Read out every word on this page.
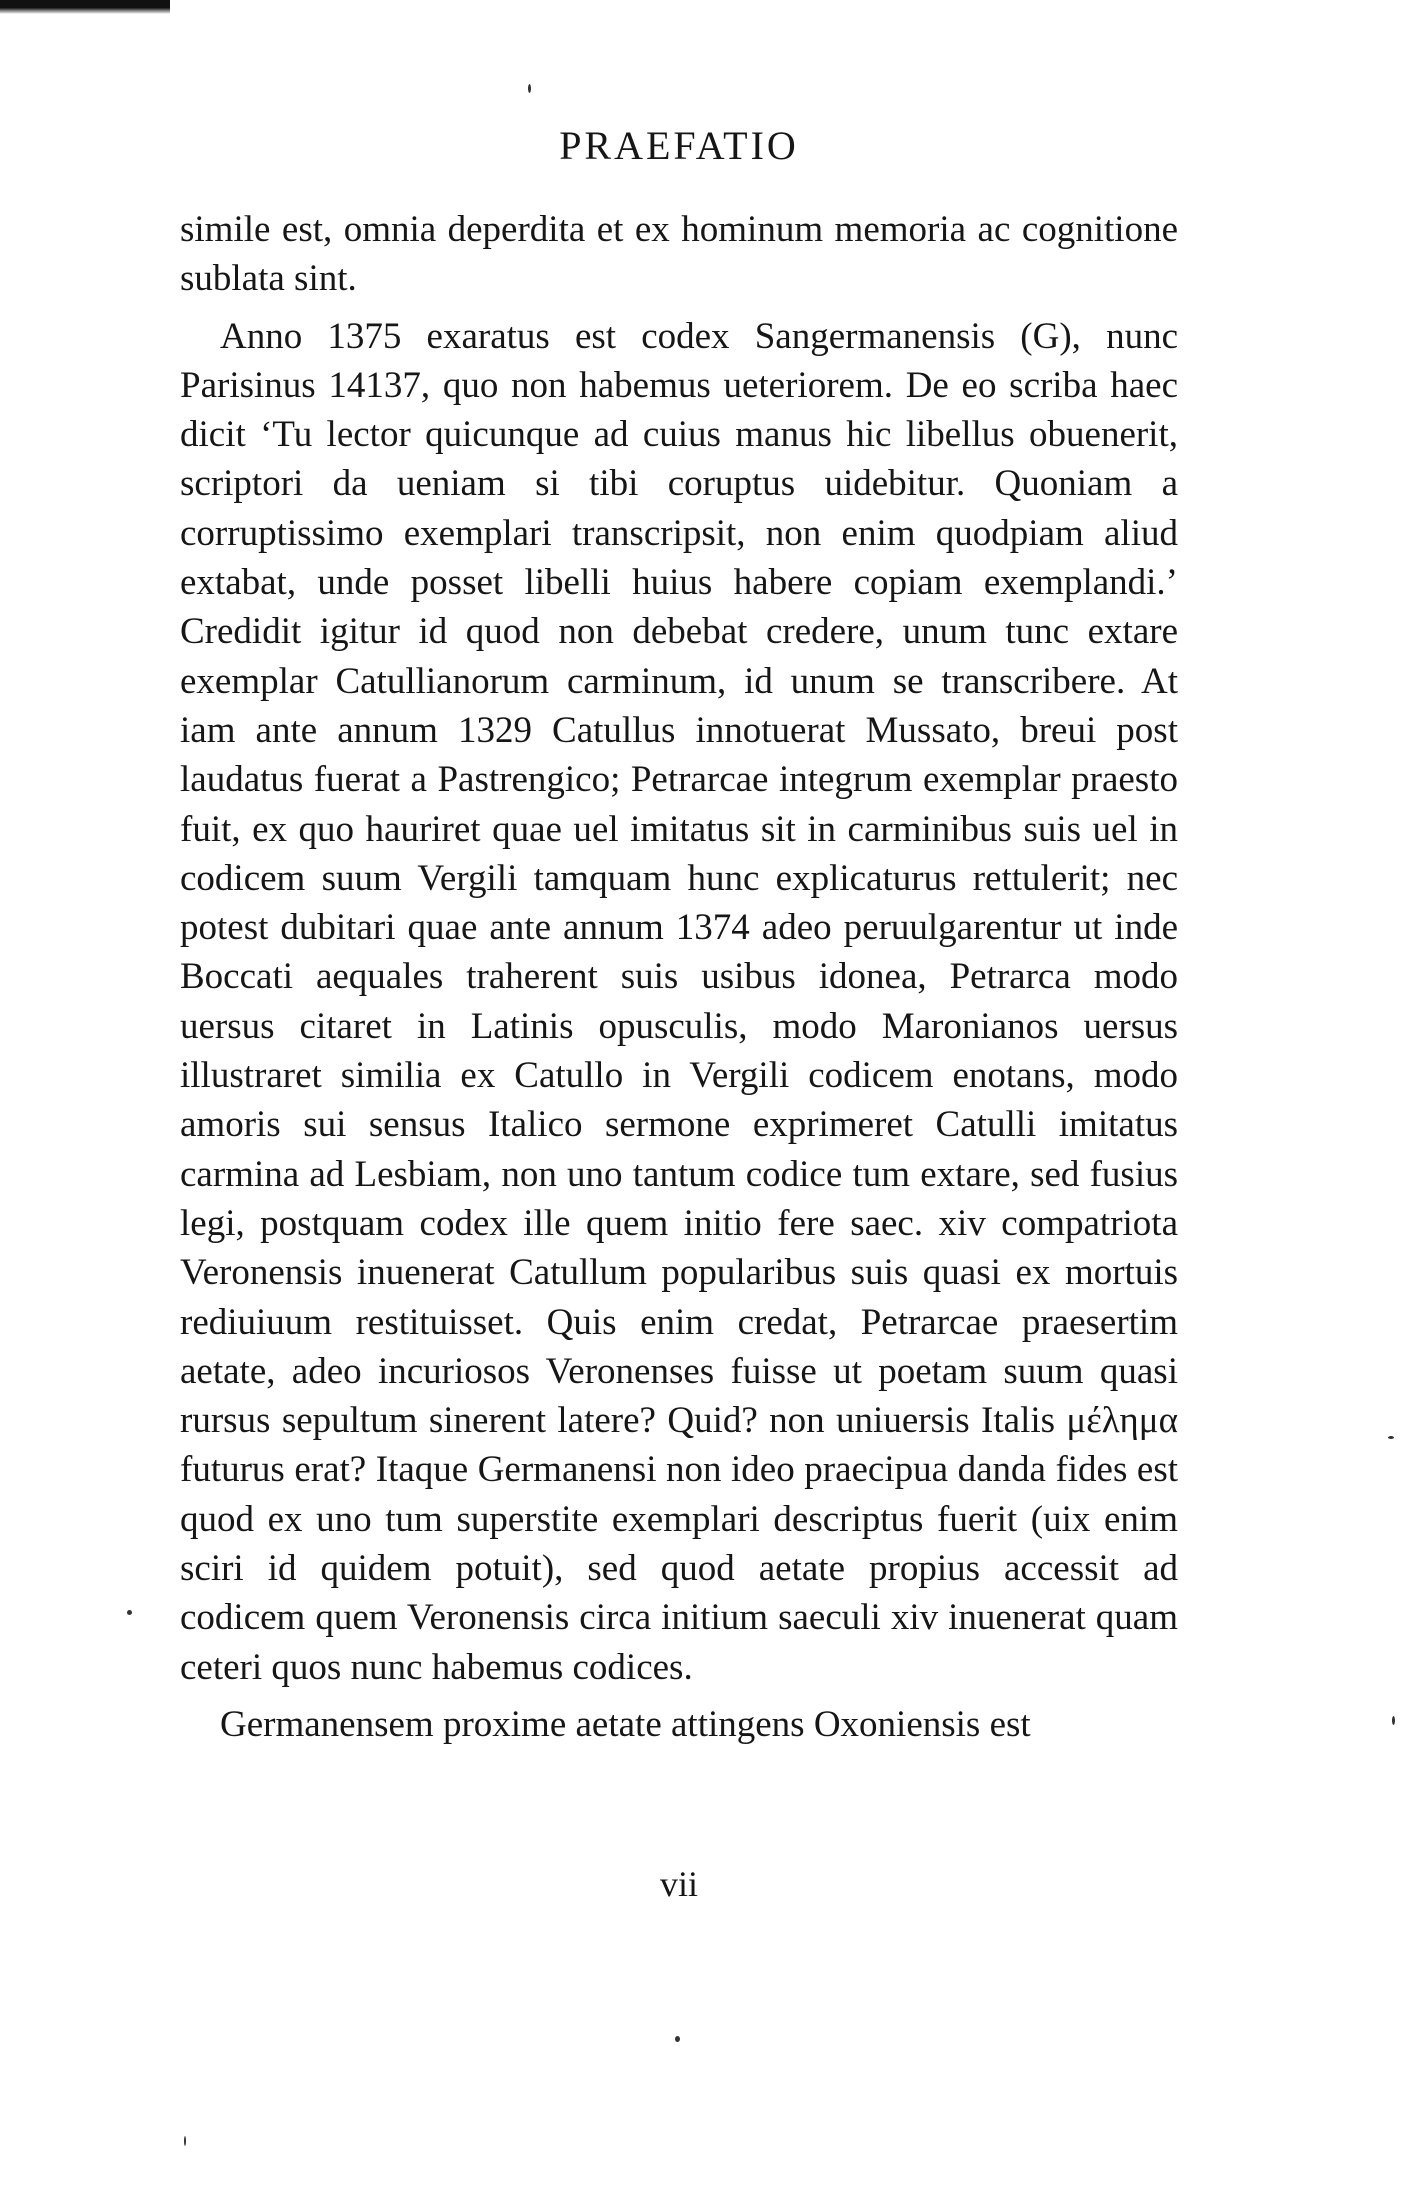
PRAEFATIO

simile est, omnia deperdita et ex hominum memoria ac cognitione sublata sint.

Anno 1375 exaratus est codex Sangermanensis (G), nunc Parisinus 14137, quo non habemus ueteriorem. De eo scriba haec dicit ‘Tu lector quicunque ad cuius manus hic libellus obuenerit, scriptori da ueniam si tibi coruptus uidebitur. Quoniam a corruptissimo exemplari transcripsit, non enim quodpiam aliud extabat, unde posset libelli huius habere copiam exemplandi.’ Credidit igitur id quod non debebat credere, unum tunc extare exemplar Catullianorum carminum, id unum se transcribere. At iam ante annum 1329 Catullus innotuerat Mussato, breui post laudatus fuerat a Pastrengico; Petrarcae integrum exemplar praesto fuit, ex quo hauriret quae uel imitatus sit in carminibus suis uel in codicem suum Vergili tamquam hunc explicaturus rettulerit; nec potest dubitari quae ante annum 1374 adeo peruulgarentur ut inde Boccati aequales traherent suis usibus idonea, Petrarca modo uersus citaret in Latinis opusculis, modo Maronianos uersus illustraret similia ex Catullo in Vergili codicem enotans, modo amoris sui sensus Italico sermone exprimeret Catulli imitatus carmina ad Lesbiam, non uno tantum codice tum extare, sed fusius legi, postquam codex ille quem initio fere saec. xiv compatriota Veronensis inuenerat Catullum popularibus suis quasi ex mortuis rediuiuum restituisset. Quis enim credat, Petrarcae praesertim aetate, adeo incuriosos Veronenses fuisse ut poetam suum quasi rursus sepultum sinerent latere? Quid? non uniuersis Italis μέλημα futurus erat? Itaque Germanensi non ideo praecipua danda fides est quod ex uno tum superstite exemplari descriptus fuerit (uix enim sciri id quidem potuit), sed quod aetate propius accessit ad codicem quem Veronensis circa initium saeculi xiv inuenerat quam ceteri quos nunc habemus codices.

Germanensem proxime aetate attingens Oxoniensis est

vii
